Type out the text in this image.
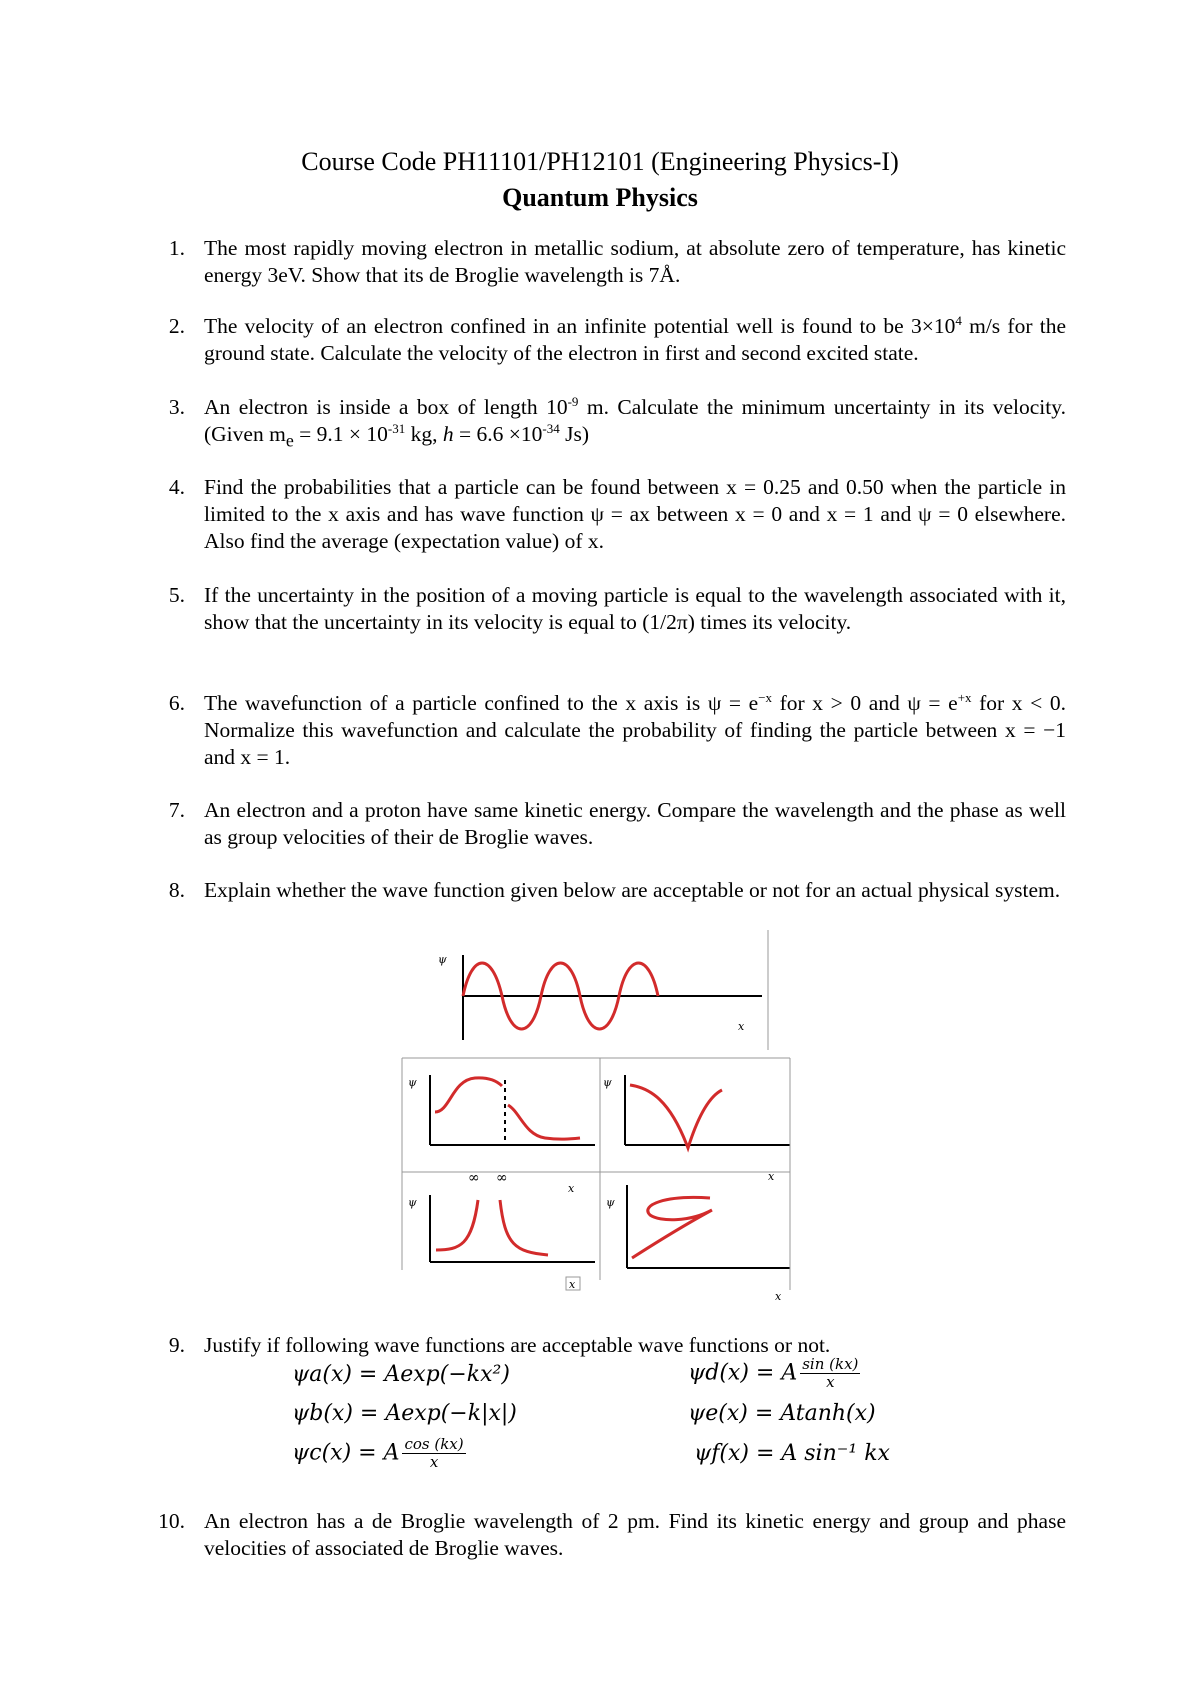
Course Code PH11101/PH12101 (Engineering Physics-I)
Quantum Physics
1. The most rapidly moving electron in metallic sodium, at absolute zero of temperature, has kinetic energy 3eV. Show that its de Broglie wavelength is 7Å.
2. The velocity of an electron confined in an infinite potential well is found to be $3\times 10^4$ m/s for the ground state. Calculate the velocity of the electron in first and second excited state.
3. An electron is inside a box of length $10^{-9}$ m. Calculate the minimum uncertainty in its velocity. (Given $m_e = 9.1 \times 10^{-31}$ kg, $h = 6.6 \times 10^{-34}$ Js)
4. Find the probabilities that a particle can be found between x = 0.25 and 0.50 when the particle in limited to the x axis and has wave function ψ = ax between x = 0 and x = 1 and ψ = 0 elsewhere. Also find the average (expectation value) of x.
5. If the uncertainty in the position of a moving particle is equal to the wavelength associated with it, show that the uncertainty in its velocity is equal to (1/2π) times its velocity.
6. The wavefunction of a particle confined to the x axis is $\psi = e^{-x}$ for x > 0 and $\psi = e^{+x}$ for x < 0. Normalize this wavefunction and calculate the probability of finding the particle between x = −1 and x = 1.
7. An electron and a proton have same kinetic energy. Compare the wavelength and the phase as well as group velocities of their de Broglie waves.
8. Explain whether the wave function given below are acceptable or not for an actual physical system.
ψ
x
ψ	ψ
ψ	ψ
x
x
x
x
∞ ∞
9. Justify if following wave functions are acceptable wave functions or not.
ψa(x) = Aexp(−kx²)
ψb(x) = Aexp(−k|x|)
ψc(x) = A $\frac{\cos (kx)}{x}$
ψd(x) = A $\frac{\sin (kx)}{x}$
ψe(x) = Atanh(x)
ψf(x) = A sin⁻¹ kx
10. An electron has a de Broglie wavelength of 2 pm. Find its kinetic energy and group and phase velocities of associated de Broglie waves.
